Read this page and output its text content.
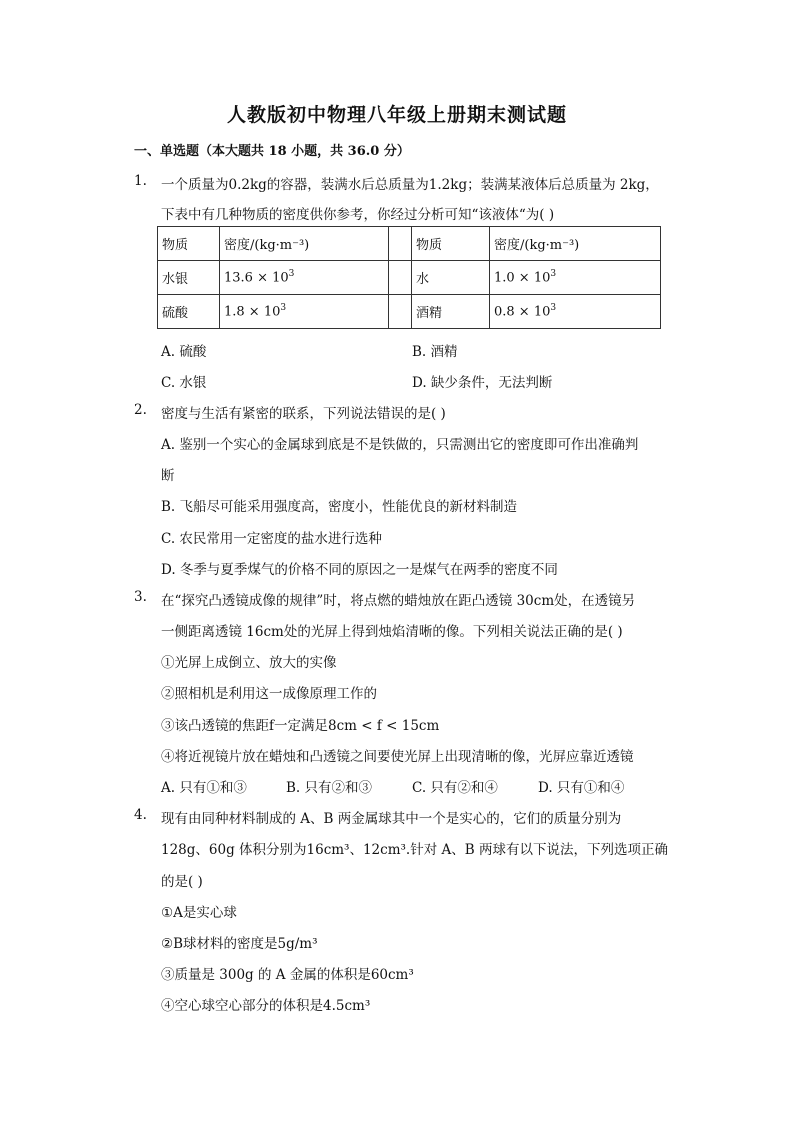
人教版初中物理八年级上册期末测试题
一、单选题（本大题共 18 小题，共 36.0 分）
1. 一个质量为0.2kg的容器，装满水后总质量为1.2kg；装满某液体后总质量为 2kg，
下表中有几种物质的密度供你参考，你经过分析可知“该液体“为( )
物质	密度/(kg·m⁻³)		物质	密度/(kg·m⁻³)
水银	$13.6 \times 10^3$		水	$1.0 \times 10^3$
硫酸	$1.8 \times 10^3$		酒精	$0.8 \times 10^3$
A. 硫酸	B. 酒精
C. 水银	D. 缺少条件，无法判断
2. 密度与生活有紧密的联系，下列说法错误的是( )
A. 鉴别一个实心的金属球到底是不是铁做的，只需测出它的密度即可作出准确判
断
B. 飞船尽可能采用强度高，密度小，性能优良的新材料制造
C. 农民常用一定密度的盐水进行选种
D. 冬季与夏季煤气的价格不同的原因之一是煤气在两季的密度不同
3. 在“探究凸透镜成像的规律”时，将点燃的蜡烛放在距凸透镜 30cm处，在透镜另
一侧距离透镜 16cm处的光屏上得到烛焰清晰的像。下列相关说法正确的是( )
①光屏上成倒立、放大的实像
②照相机是利用这一成像原理工作的
③该凸透镜的焦距f一定满足8cm < f < 15cm
④将近视镜片放在蜡烛和凸透镜之间要使光屏上出现清晰的像，光屏应靠近透镜
A. 只有①和③	B. 只有②和③	C. 只有②和④	D. 只有①和④
4. 现有由同种材料制成的 A、B 两金属球其中一个是实心的，它们的质量分别为
128g、60g 体积分别为16cm³、12cm³.针对 A、B 两球有以下说法，下列选项正确
的是( )
①A是实心球
②B球材料的密度是5g/m³
③质量是 300g 的 A 金属的体积是60cm³
④空心球空心部分的体积是4.5cm³
